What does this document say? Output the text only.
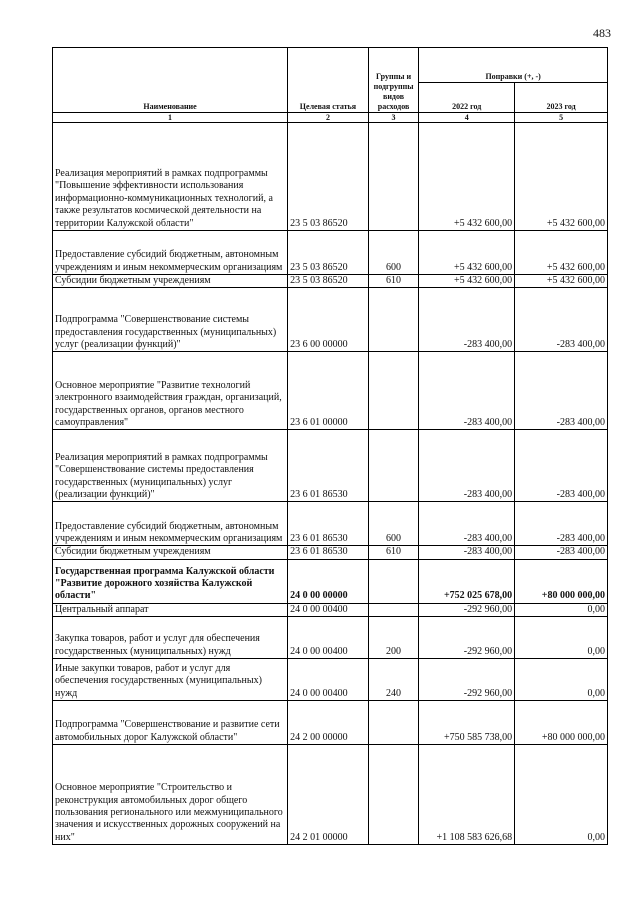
483
Наименование	Целевая статья	Группы и подгруппы видов расходов	Поправки (+, -)	
			2022 год	2023 год
1	2	3	4	5
Реализация мероприятий в рамках подпрограммы "Повышение эффективности использования информационно-коммуникационных технологий, а также результатов космической деятельности на территории Калужской области"	23 5 03 86520		+5 432 600,00	+5 432 600,00
Предоставление субсидий бюджетным, автономным учреждениям и иным некоммерческим организациям	23 5 03 86520	600	+5 432 600,00	+5 432 600,00
Субсидии бюджетным учреждениям	23 5 03 86520	610	+5 432 600,00	+5 432 600,00
Подпрограмма "Совершенствование системы предоставления государственных (муниципальных) услуг (реализации функций)"	23 6 00 00000		-283 400,00	-283 400,00
Основное мероприятие "Развитие технологий электронного взаимодействия граждан, организаций, государственных органов, органов местного самоуправления"	23 6 01 00000		-283 400,00	-283 400,00
Реализация мероприятий в рамках подпрограммы "Совершенствование системы предоставления государственных (муниципальных) услуг (реализации функций)"	23 6 01 86530		-283 400,00	-283 400,00
Предоставление субсидий бюджетным, автономным учреждениям и иным некоммерческим организациям	23 6 01 86530	600	-283 400,00	-283 400,00
Субсидии бюджетным учреждениям	23 6 01 86530	610	-283 400,00	-283 400,00
Государственная программа Калужской области "Развитие дорожного хозяйства Калужской области"	24 0 00 00000		+752 025 678,00	+80 000 000,00
Центральный аппарат	24 0 00 00400		-292 960,00	0,00
Закупка товаров, работ и услуг для обеспечения государственных (муниципальных) нужд	24 0 00 00400	200	-292 960,00	0,00
Иные закупки товаров, работ и услуг для обеспечения государственных (муниципальных) нужд	24 0 00 00400	240	-292 960,00	0,00
Подпрограмма "Совершенствование и развитие сети автомобильных дорог Калужской области"	24 2 00 00000		+750 585 738,00	+80 000 000,00
Основное мероприятие "Строительство и реконструкция автомобильных дорог общего пользования регионального или межмуниципального значения и искусственных дорожных сооружений на них"	24 2 01 00000		+1 108 583 626,68	0,00
